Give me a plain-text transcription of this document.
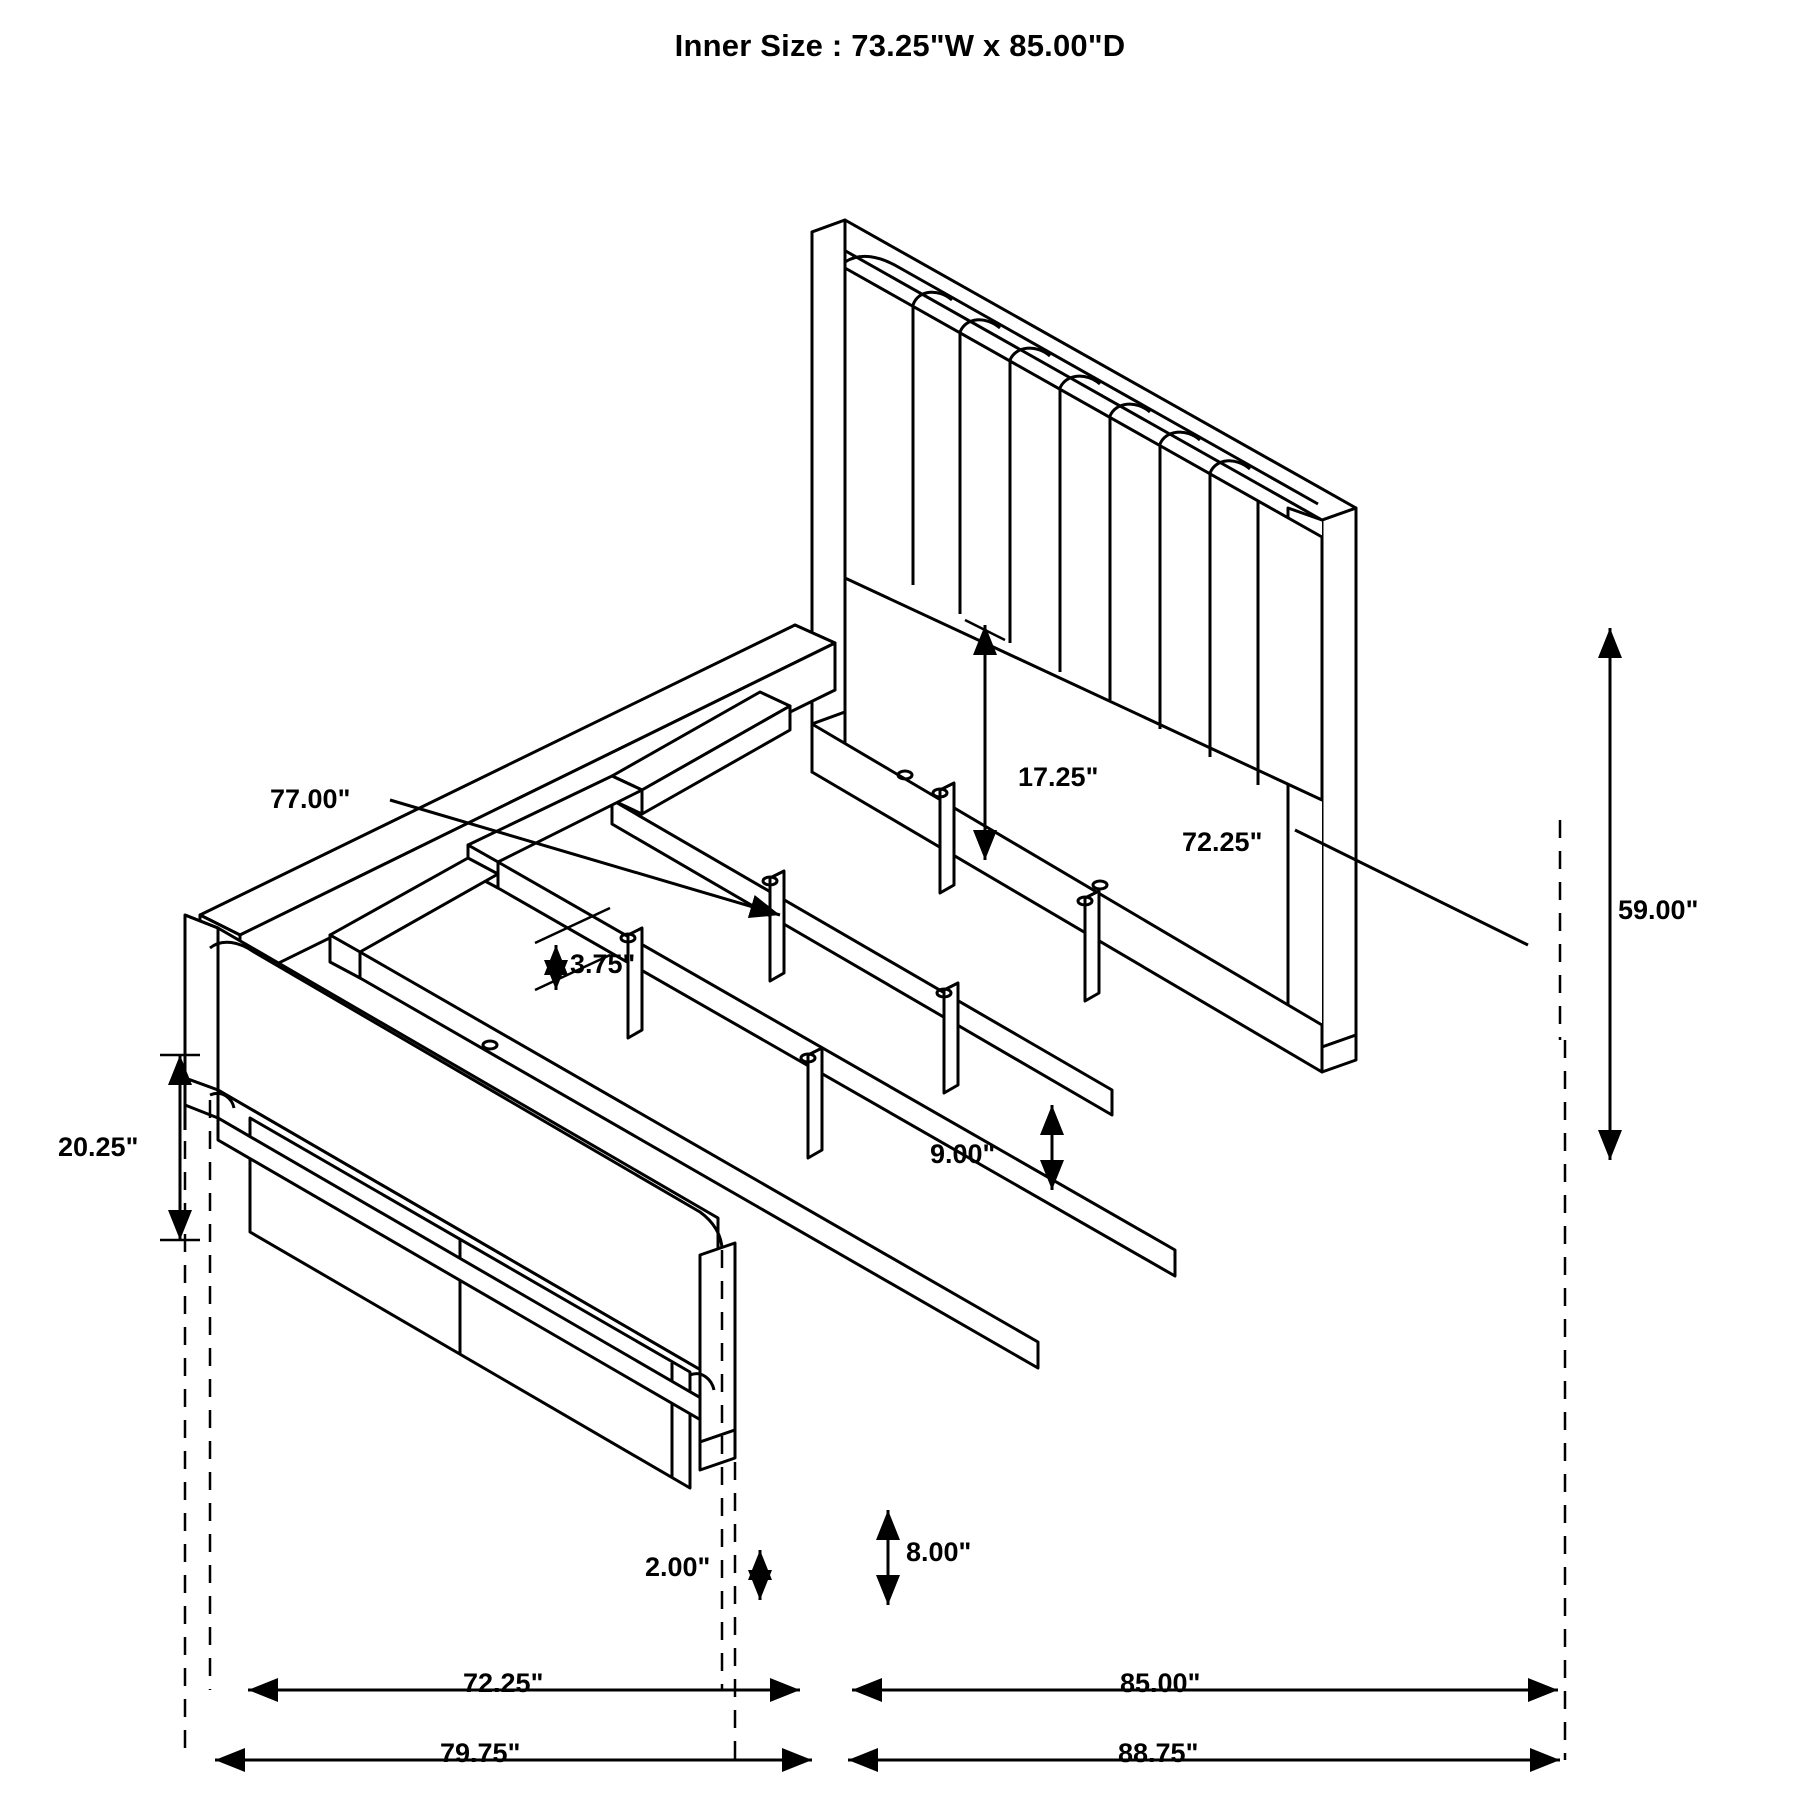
Inner Size : 73.25"W x 85.00"D
59.00"
72.25"
17.25"
77.00"
3.75"
9.00"
20.25"
8.00"
2.00"
72.25"	85.00"
79.75"	88.75"
